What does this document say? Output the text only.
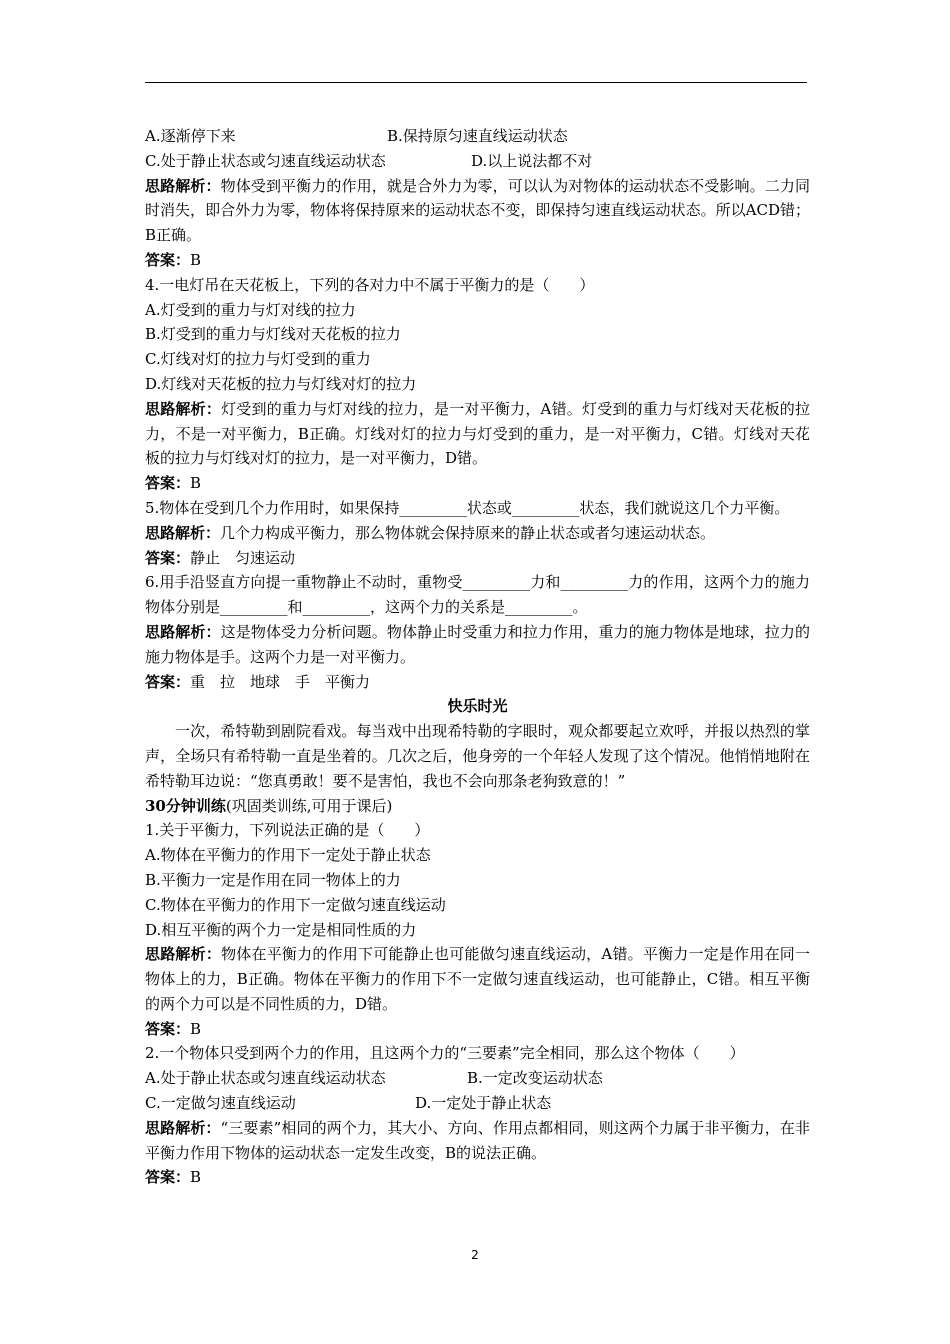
A.逐渐停下来	B.保持原匀速直线运动状态
C.处于静止状态或匀速直线运动状态	D.以上说法都不对
思路解析：物体受到平衡力的作用，就是合外力为零，可以认为对物体的运动状态不受影响。二力同时消失，即合外力为零，物体将保持原来的运动状态不变，即保持匀速直线运动状态。所以ACD错；B正确。
答案：B
4.一电灯吊在天花板上，下列的各对力中不属于平衡力的是（　　）
A.灯受到的重力与灯对线的拉力
B.灯受到的重力与灯线对天花板的拉力
C.灯线对灯的拉力与灯受到的重力
D.灯线对天花板的拉力与灯线对灯的拉力
思路解析：灯受到的重力与灯对线的拉力，是一对平衡力，A错。灯受到的重力与灯线对天花板的拉力，不是一对平衡力，B正确。灯线对灯的拉力与灯受到的重力，是一对平衡力，C错。灯线对天花板的拉力与灯线对灯的拉力，是一对平衡力，D错。
答案：B
5.物体在受到几个力作用时，如果保持_________状态或_________状态，我们就说这几个力平衡。
思路解析：几个力构成平衡力，那么物体就会保持原来的静止状态或者匀速运动状态。
答案：静止　匀速运动
6.用手沿竖直方向提一重物静止不动时，重物受_________力和_________力的作用，这两个力的施力物体分别是_________和_________，这两个力的关系是_________。
思路解析：这是物体受力分析问题。物体静止时受重力和拉力作用，重力的施力物体是地球，拉力的施力物体是手。这两个力是一对平衡力。
答案：重　拉　地球　手　平衡力
快乐时光
一次，希特勒到剧院看戏。每当戏中出现希特勒的字眼时，观众都要起立欢呼，并报以热烈的掌声，全场只有希特勒一直是坐着的。几次之后，他身旁的一个年轻人发现了这个情况。他悄悄地附在希特勒耳边说：“您真勇敢！要不是害怕，我也不会向那条老狗致意的！”
30分钟训练(巩固类训练,可用于课后)
1.关于平衡力，下列说法正确的是（　　）
A.物体在平衡力的作用下一定处于静止状态
B.平衡力一定是作用在同一物体上的力
C.物体在平衡力的作用下一定做匀速直线运动
D.相互平衡的两个力一定是相同性质的力
思路解析：物体在平衡力的作用下可能静止也可能做匀速直线运动，A错。平衡力一定是作用在同一物体上的力，B正确。物体在平衡力的作用下不一定做匀速直线运动，也可能静止，C错。相互平衡的两个力可以是不同性质的力，D错。
答案：B
2.一个物体只受到两个力的作用，且这两个力的“三要素”完全相同，那么这个物体（　　）
A.处于静止状态或匀速直线运动状态	B.一定改变运动状态
C.一定做匀速直线运动	D.一定处于静止状态
思路解析：“三要素”相同的两个力，其大小、方向、作用点都相同，则这两个力属于非平衡力，在非平衡力作用下物体的运动状态一定发生改变，B的说法正确。
答案：B
2
